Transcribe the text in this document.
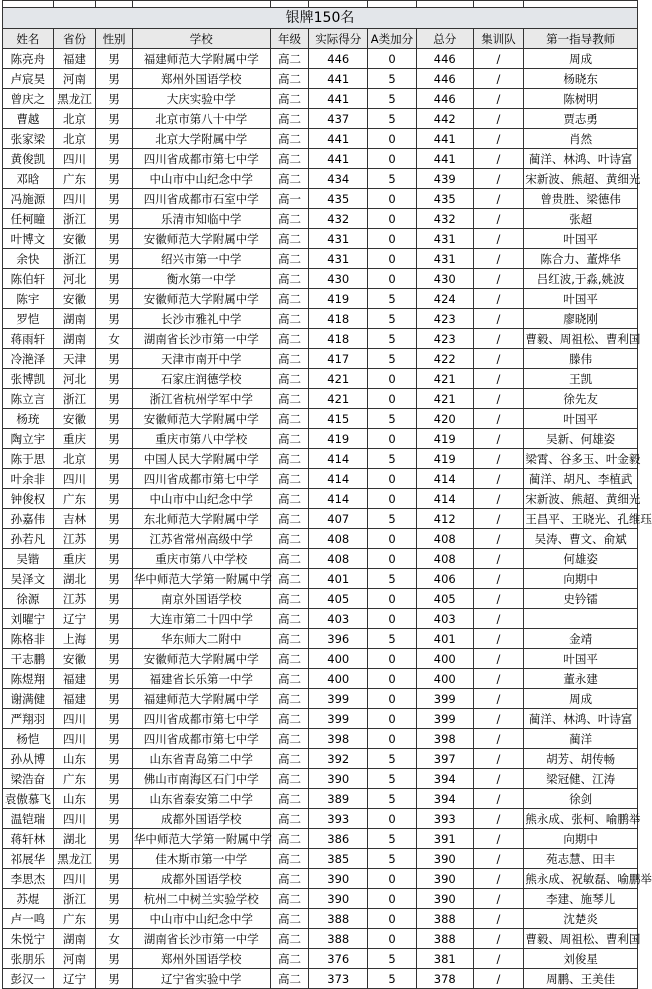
银牌150名									
姓名	省份	性别	学校	年级	实际得分	A类加分	总分	集训队	第一指导教师
陈亮舟	福建	男	福建师范大学附属中学	高二	446	0	446	/	周成
卢宸昊	河南	男	郑州外国语学校	高二	441	5	446	/	杨晓东
曾庆之	黑龙江	男	大庆实验中学	高二	441	5	446	/	陈树明
曹越	北京	男	北京市第八十中学	高二	437	5	442	/	贾志勇
张家梁	北京	男	北京大学附属中学	高二	441	0	441	/	肖然
黄俊凯	四川	男	四川省成都市第七中学	高二	441	0	441	/	蔺洋、林鸿、叶诗富
邓晗	广东	男	中山市中山纪念中学	高二	434	5	439	/	宋新波、熊超、黄细光
冯施源	四川	男	四川省成都市石室中学	高一	435	0	435	/	曾贵胜、梁德伟
任柯瞳	浙江	男	乐清市知临中学	高二	432	0	432	/	张超
叶博文	安徽	男	安徽师范大学附属中学	高二	431	0	431	/	叶国平
余快	浙江	男	绍兴市第一中学	高二	431	0	431	/	陈合力、董烨华
陈伯轩	河北	男	衡水第一中学	高二	430	0	430	/	吕红波,于淼,姚波
陈宇	安徽	男	安徽师范大学附属中学	高二	419	5	424	/	叶国平
罗恺	湖南	男	长沙市雅礼中学	高二	418	5	423	/	廖晓刚
蒋雨轩	湖南	女	湖南省长沙市第一中学	高二	418	5	423	/	曹毅、周祖松、曹利国
冷滟泽	天津	男	天津市南开中学	高二	417	5	422	/	滕伟
张博凯	河北	男	石家庄润德学校	高二	421	0	421	/	王凯
陈立言	浙江	男	浙江省杭州学军中学	高二	421	0	421	/	徐先友
杨珫	安徽	男	安徽师范大学附属中学	高二	415	5	420	/	叶国平
陶立宇	重庆	男	重庆市第八中学校	高二	419	0	419	/	吴新、何雄姿
陈于思	北京	男	中国人民大学附属中学	高二	414	5	419	/	梁霄、谷多玉、叶金毅
叶余非	四川	男	四川省成都市第七中学	高二	414	0	414	/	蔺洋、胡凡、李植武
钟俊权	广东	男	中山市中山纪念中学	高二	414	0	414	/	宋新波、熊超、黄细光
孙嘉伟	吉林	男	东北师范大学附属中学	高二	407	5	412	/	王昌平、王晓光、孔维珏
孙若凡	江苏	男	江苏省常州高级中学	高二	408	0	408	/	吴涛、曹文、俞斌
吴锴	重庆	男	重庆市第八中学校	高二	408	0	408	/	何雄姿
吴泽文	湖北	男	华中师范大学第一附属中学	高二	401	5	406	/	向期中
徐源	江苏	男	南京外国语学校	高二	405	0	405	/	史钤镭
刘曜宁	辽宁	男	大连市第二十四中学	高二	403	0	403	/	
陈格非	上海	男	华东师大二附中	高二	396	5	401	/	金靖
干志鹏	安徽	男	安徽师范大学附属中学	高二	400	0	400	/	叶国平
陈煜翔	福建	男	福建省长乐第一中学	高二	400	0	400	/	董永建
谢满健	福建	男	福建师范大学附属中学	高二	399	0	399	/	周成
严翔羽	四川	男	四川省成都市第七中学	高二	399	0	399	/	蔺洋、林鸿、叶诗富
杨恺	四川	男	四川省成都市第七中学	高二	398	0	398	/	蔺洋
孙从博	山东	男	山东省青岛第二中学	高二	392	5	397	/	胡芳、胡传畅
梁浩奋	广东	男	佛山市南海区石门中学	高二	390	5	394	/	梁冠健、江涛
袁傲慕飞	山东	男	山东省泰安第二中学	高二	389	5	394	/	徐剑
温铠瑞	四川	男	成都外国语学校	高二	393	0	393	/	熊永成、张柯、喻鹏举
蒋轩林	湖北	男	华中师范大学第一附属中学	高二	386	5	391	/	向期中
祁展华	黑龙江	男	佳木斯市第一中学	高二	385	5	390	/	苑志慧、田丰
李思杰	四川	男	成都外国语学校	高二	390	0	390	/	熊永成、祝敏磊、喻鹏举
苏焜	浙江	男	杭州二中树兰实验学校	高二	390	0	390	/	李建、施琴儿
卢一鸣	广东	男	中山市中山纪念中学	高二	388	0	388	/	沈楚炎
朱悦宁	湖南	女	湖南省长沙市第一中学	高二	388	0	388	/	曹毅、周祖松、曹利国
张朋乐	河南	男	郑州外国语学校	高二	376	5	381	/	刘俊星
彭汉一	辽宁	男	辽宁省实验中学	高二	373	5	378	/	周鹏、王美佳
